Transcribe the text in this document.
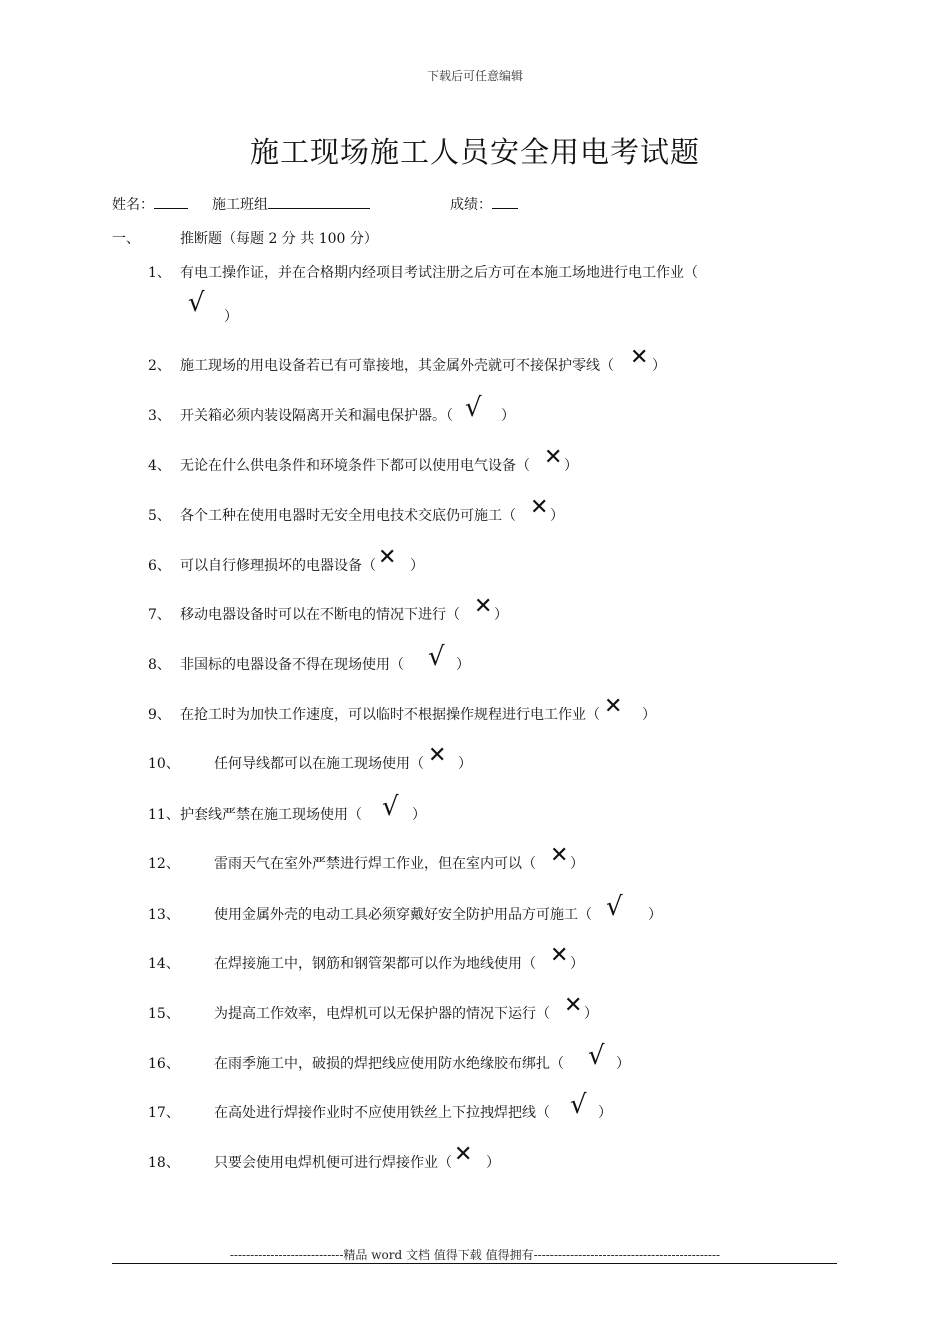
下载后可任意编辑
施工现场施工人员安全用电考试题
姓名：	施工班组	成绩：
一、	推断题（每题 2 分 共 100 分）
1、 有电工操作证，并在合格期内经项目考试注册之后方可在本施工场地进行电工作业（
√ ）
2、 施工现场的用电设备若已有可靠接地，其金属外壳就可不接保护零线（ ✕ ）
3、 开关箱必须内装设隔离开关和漏电保护器。（ √ ）
4、 无论在什么供电条件和环境条件下都可以使用电气设备（ ✕ ）
5、 各个工种在使用电器时无安全用电技术交底仍可施工（ ✕ ）
6、 可以自行修理损坏的电器设备（ ✕ ）
7、 移动电器设备时可以在不断电的情况下进行（ ✕ ）
8、 非国标的电器设备不得在现场使用（ √ ）
9、 在抢工时为加快工作速度，可以临时不根据操作规程进行电工作业（ ✕ ）
10、 任何导线都可以在施工现场使用（ ✕ ）
11、 护套线严禁在施工现场使用（ √ ）
12、 雷雨天气在室外严禁进行焊工作业，但在室内可以（ ✕ ）
13、 使用金属外壳的电动工具必须穿戴好安全防护用品方可施工（ √ ）
14、 在焊接施工中，钢筋和钢管架都可以作为地线使用（ ✕ ）
15、 为提高工作效率，电焊机可以无保护器的情况下运行（ ✕ ）
16、 在雨季施工中，破损的焊把线应使用防水绝缘胶布绑扎（ √ ）
17、 在高处进行焊接作业时不应使用铁丝上下拉拽焊把线（ √ ）
18、 只要会使用电焊机便可进行焊接作业（ ✕ ）
----------------------------精品 word 文档 值得下载 值得拥有----------------------------------------------
